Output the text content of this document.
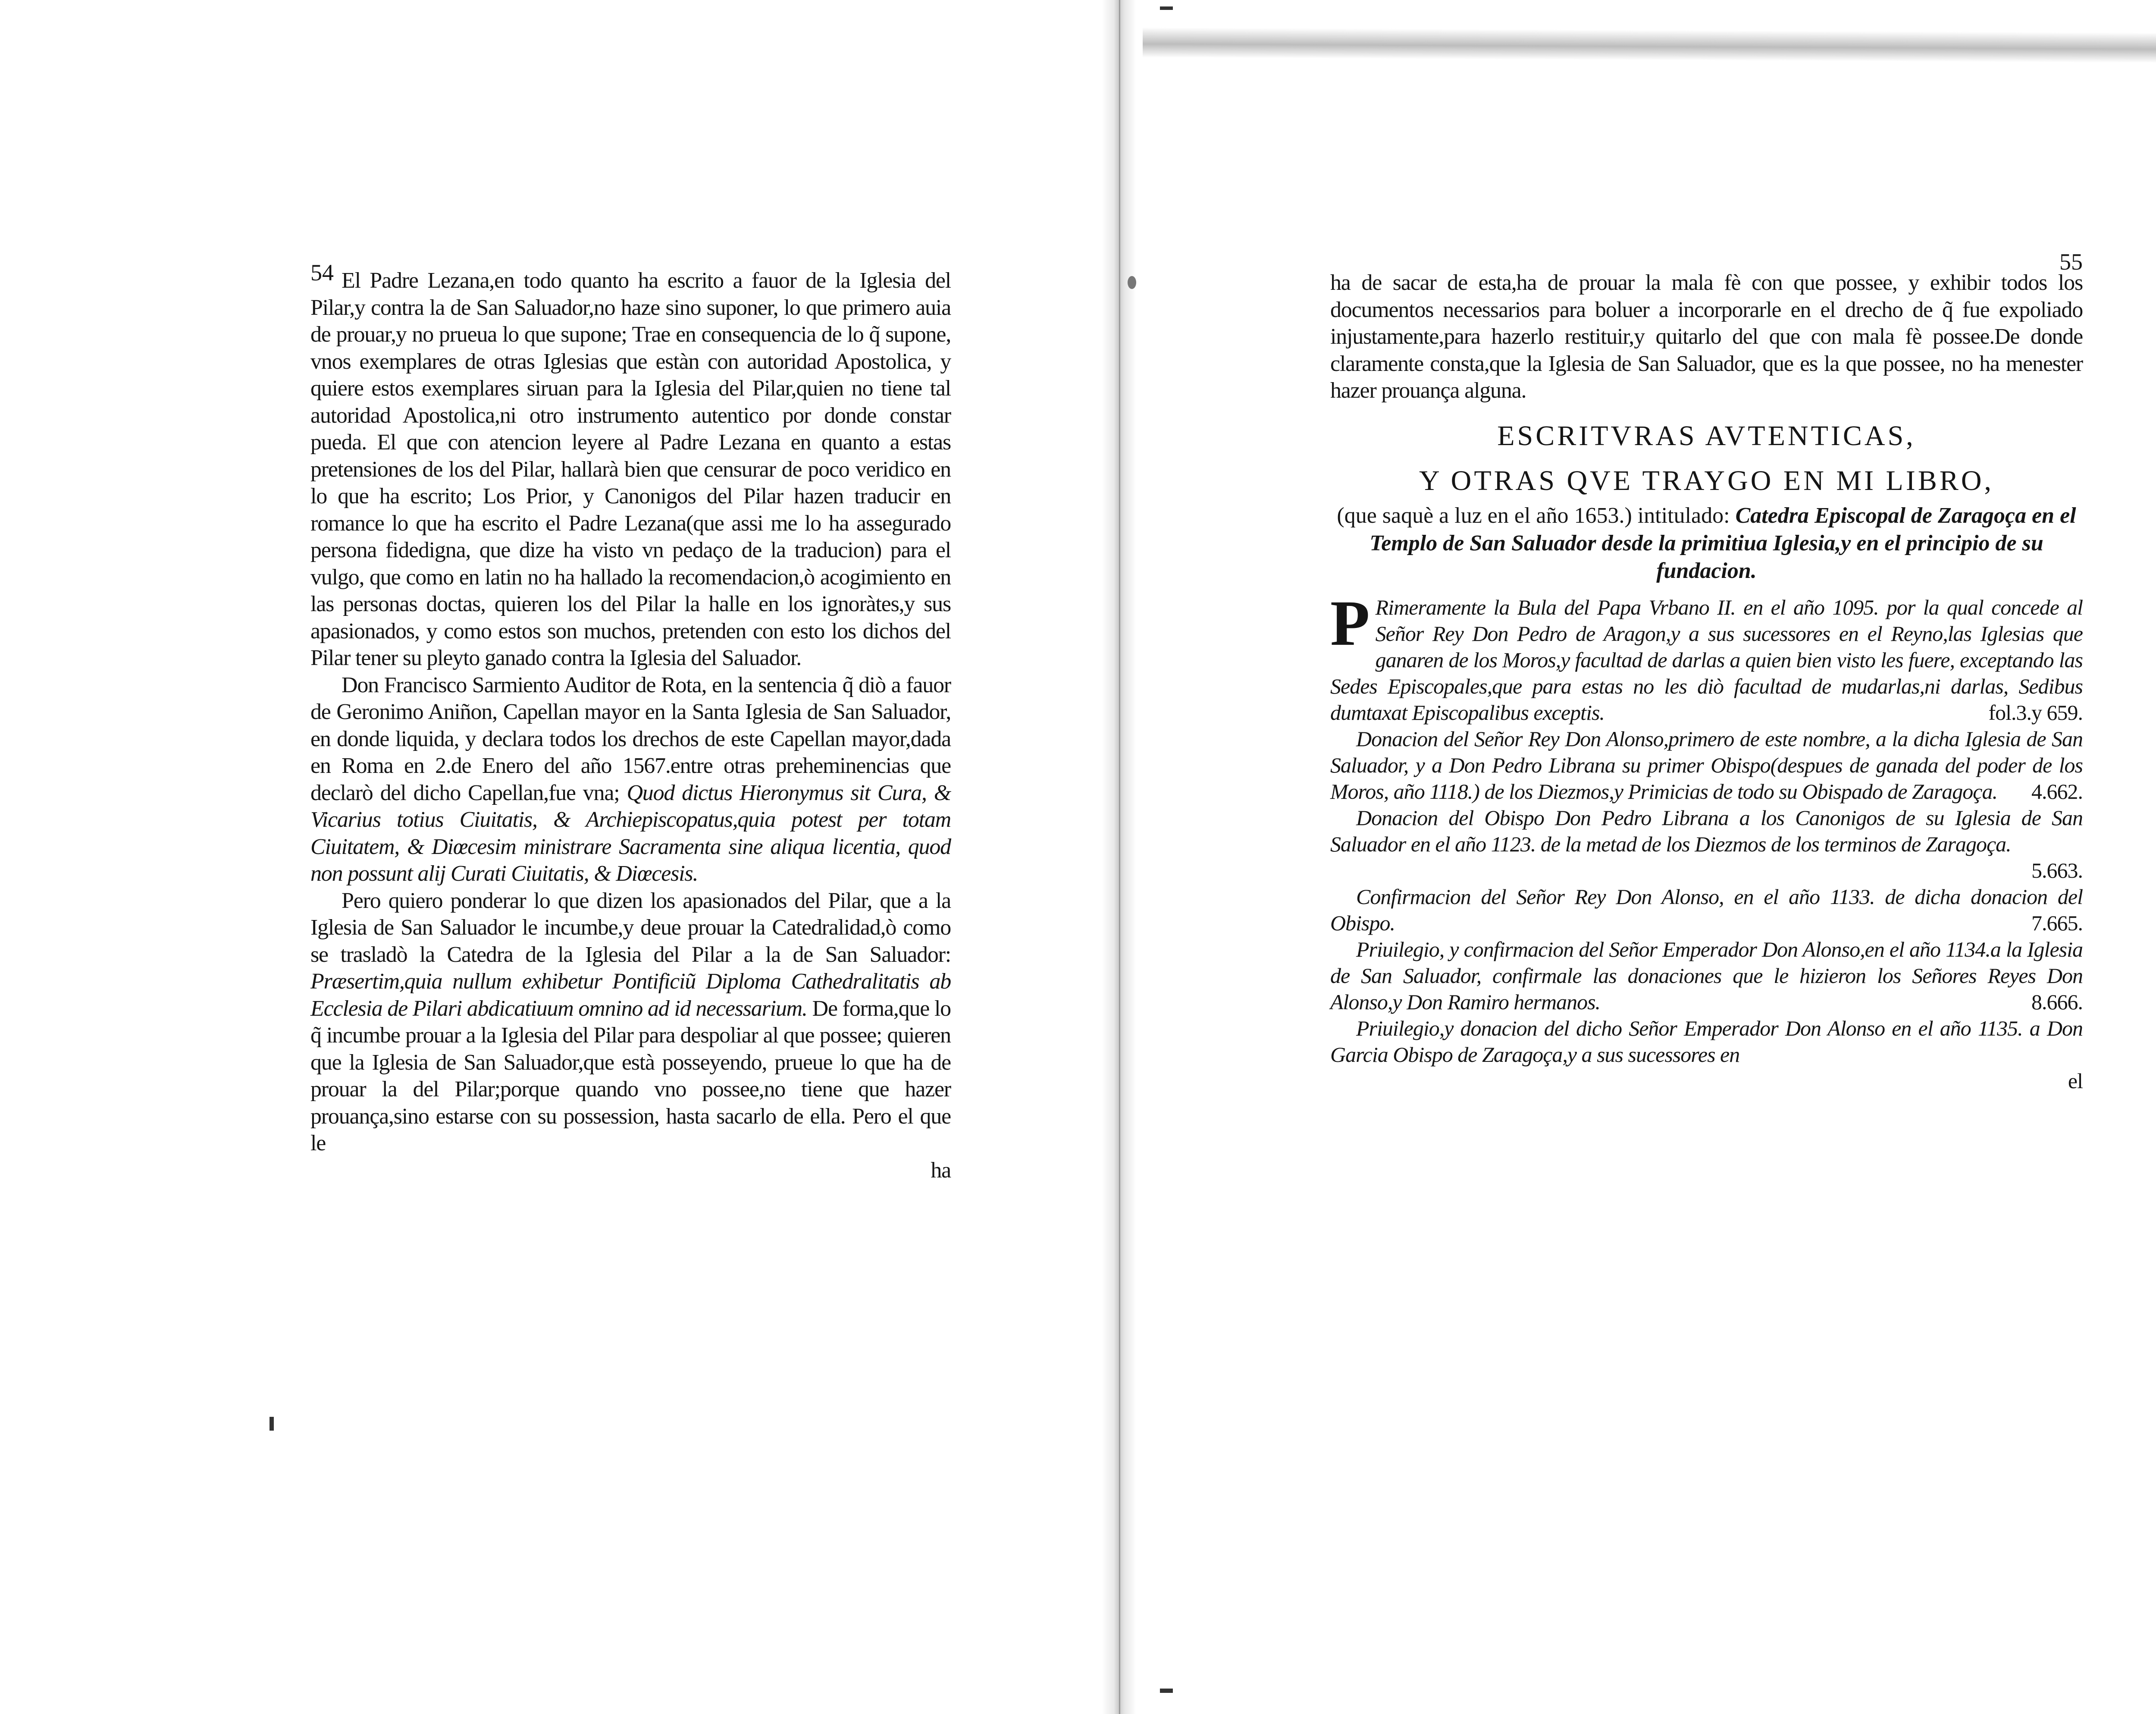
54 El Padre Lezana,en todo quanto ha escrito a fauor de la Iglesia del Pilar,y contra la de San Saluador,no haze sino suponer, lo que primero auia de prouar,y no prueua lo que supone; Trae en consequencia de lo q̃ supone, vnos exemplares de otras Iglesias que estàn con autoridad Apostolica, y quiere estos exemplares siruan para la Iglesia del Pilar,quien no tiene tal autoridad Apostolica,ni otro instrumento autentico por donde constar pueda. El que con atencion leyere al Padre Lezana en quanto a estas pretensiones de los del Pilar, hallarà bien que censurar de poco veridico en lo que ha escrito; Los Prior, y Canonigos del Pilar hazen traducir en romance lo que ha escrito el Padre Lezana(que assi me lo ha assegurado persona fidedigna, que dize ha visto vn pedaço de la traducion) para el vulgo, que como en latin no ha hallado la recomendacion,ò acogimiento en las personas doctas, quieren los del Pilar la halle en los ignoràtes,y sus apasionados, y como estos son muchos, pretenden con esto los dichos del Pilar tener su pleyto ganado contra la Iglesia del Saluador.

Don Francisco Sarmiento Auditor de Rota, en la sentencia q̃ diò a fauor de Geronimo Aniñon, Capellan mayor en la Santa Iglesia de San Saluador, en donde liquida, y declara todos los drechos de este Capellan mayor,dada en Roma en 2.de Enero del año 1567.entre otras preheminencias que declarò del dicho Capellan,fue vna; Quod dictus Hieronymus sit Cura, & Vicarius totius Ciuitatis, & Archiepiscopatus,quia potest per totam Ciuitatem, & Diœcesim ministrare Sacramenta sine aliqua licentia, quod non possunt alij Curati Ciuitatis, & Diœcesis.

Pero quiero ponderar lo que dizen los apasionados del Pilar, que a la Iglesia de San Saluador le incumbe,y deue prouar la Catedralidad,ò como se trasladò la Catedra de la Iglesia del Pilar a la de San Saluador: Præsertim,quia nullum exhibetur Pontificiũ Diploma Cathedralitatis ab Ecclesia de Pilari abdicatiuum omnino ad id necessarium. De forma,que lo q̃ incumbe prouar a la Iglesia del Pilar para despoliar al que possee; quieren que la Iglesia de San Saluador,que està posseyendo, prueue lo que ha de prouar la del Pilar;porque quando vno possee,no tiene que hazer prouança,sino estarse con su possession, hasta sacarlo de ella. Pero el que le

ha

55

ha de sacar de esta,ha de prouar la mala fè con que possee, y exhibir todos los documentos necessarios para boluer a incorporarle en el drecho de q̃ fue expoliado injustamente,para hazerlo restituir,y quitarlo del que con mala fè possee.De donde claramente consta,que la Iglesia de San Saluador, que es la que possee, no ha menester hazer prouança alguna.

ESCRITVRAS AVTENTICAS,
Y OTRAS QVE TRAYGO EN MI LIBRO,
(que saquè a luz en el año 1653.) intitulado: Catedra Episcopal de Zaragoça en el Templo de San Saluador desde la primitiua Iglesia,y en el principio de su fundacion.

P Rimeramente la Bula del Papa Vrbano II. en el año 1095. por la qual concede al Señor Rey Don Pedro de Aragon,y a sus sucessores en el Reyno,las Iglesias que ganaren de los Moros,y facultad de darlas a quien bien visto les fuere, exceptando las Sedes Episcopales,que para estas no les diò facultad de mudarlas,ni darlas, Sedibus dumtaxat Episcopalibus exceptis.	fol.3.y 659.

Donacion del Señor Rey Don Alonso,primero de este nombre, a la dicha Iglesia de San Saluador, y a Don Pedro Librana su primer Obispo(despues de ganada del poder de los Moros, año 1118.) de los Diezmos,y Primicias de todo su Obispado de Zaragoça.	4.662.

Donacion del Obispo Don Pedro Librana a los Canonigos de su Iglesia de San Saluador en el año 1123. de la metad de los Diezmos de los terminos de Zaragoça.
5.663.

Confirmacion del Señor Rey Don Alonso, en el año 1133. de dicha donacion del Obispo.	7.665.

Priuilegio, y confirmacion del Señor Emperador Don Alonso,en el año 1134.a la Iglesia de San Saluador, confirmale las donaciones que le hizieron los Señores Reyes Don Alonso,y Don Ramiro hermanos.	8.666.

Priuilegio,y donacion del dicho Señor Emperador Don Alonso en el año 1135. a Don Garcia Obispo de Zaragoça,y a sus sucessores en

el
